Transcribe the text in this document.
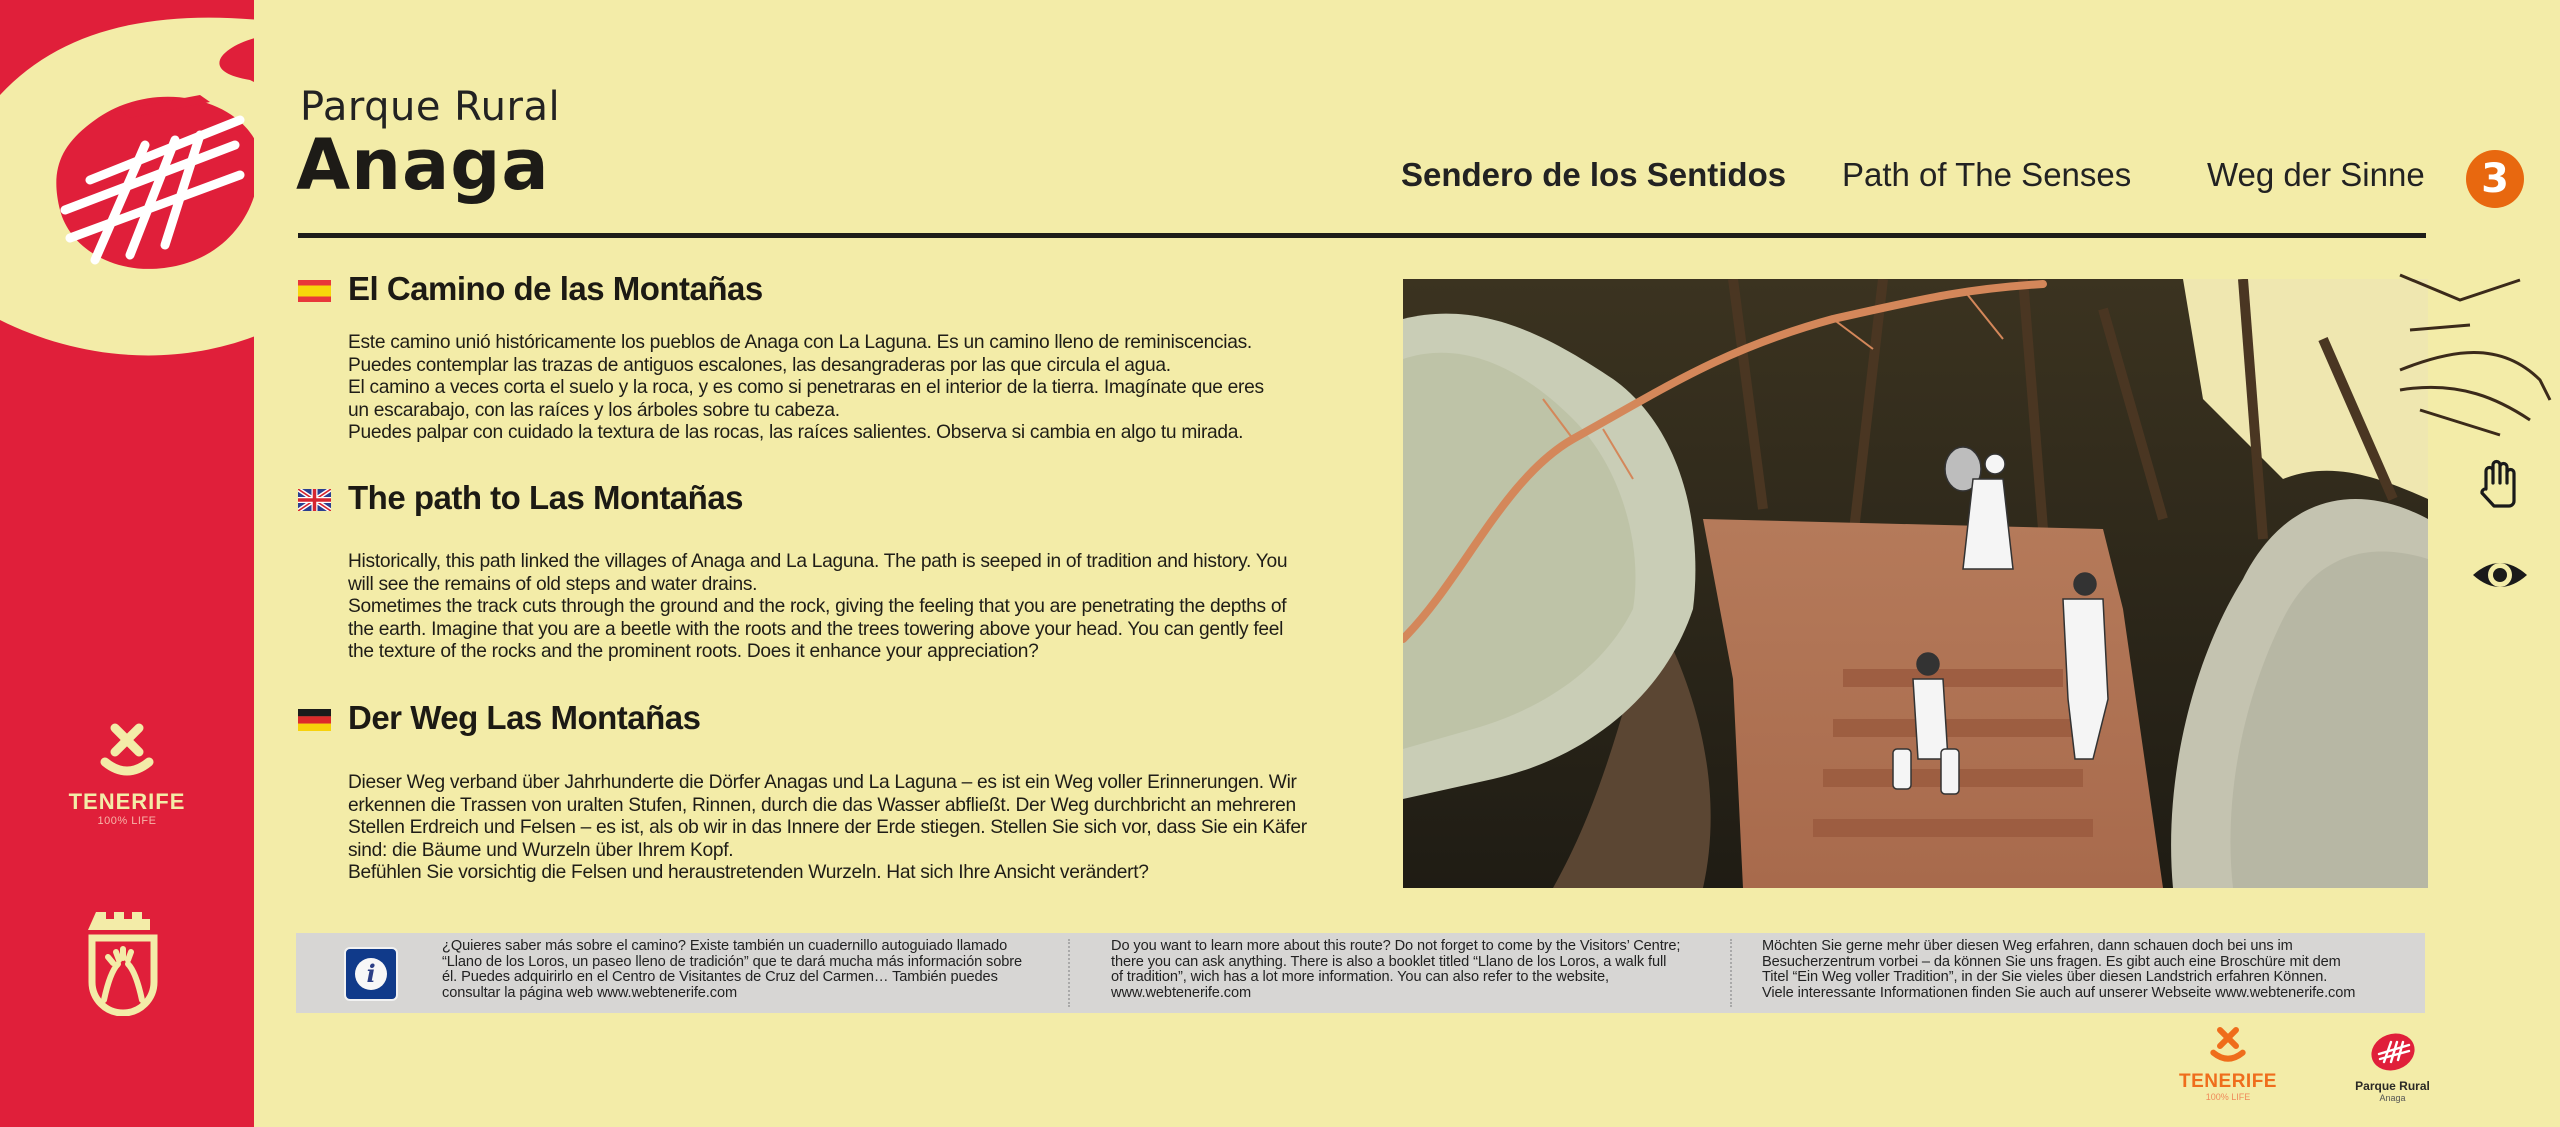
TENERIFE
100% LIFE
Parque Rural
Anaga	Sendero de los Sentidos Path of The Senses Weg der Sinne	3
El Camino de las Montañas

Este camino unió históricamente los pueblos de Anaga con La Laguna. Es un camino lleno de reminiscencias.

Puedes contemplar las trazas de antiguos escalones, las desangraderas por las que circula el agua.

El camino a veces corta el suelo y la roca, y es como si penetraras en el interior de la tierra. Imagínate que eres

un escarabajo, con las raíces y los árboles sobre tu cabeza.

Puedes palpar con cuidado la textura de las rocas, las raíces salientes. Observa si cambia en algo tu mirada.

The path to Las Montañas

Historically, this path linked the villages of Anaga and La Laguna. The path is seeped in of tradition and history. You

will see the remains of old steps and water drains.

Sometimes the track cuts through the ground and the rock, giving the feeling that you are penetrating the depths of

the earth. Imagine that you are a beetle with the roots and the trees towering above your head. You can gently feel

the texture of the rocks and the prominent roots. Does it enhance your appreciation?

Der Weg Las Montañas

Dieser Weg verband über Jahrhunderte die Dörfer Anagas und La Laguna – es ist ein Weg voller Erinnerungen. Wir

erkennen die Trassen von uralten Stufen, Rinnen, durch die das Wasser abfließt. Der Weg durchbricht an mehreren

Stellen Erdreich und Felsen – es ist, als ob wir in das Innere der Erde stiegen. Stellen Sie sich vor, dass Sie ein Käfer

sind: die Bäume und Wurzeln über Ihrem Kopf.

Befühlen Sie vorsichtig die Felsen und heraustretenden Wurzeln. Hat sich Ihre Ansicht verändert?

i

¿Quieres saber más sobre el camino? Existe también un cuadernillo autoguiado llamado

“Llano de los Loros, un paseo lleno de tradición” que te dará mucha más información sobre

él. Puedes adquirirlo en el Centro de Visitantes de Cruz del Carmen… También puedes

consultar la página web www.webtenerife.com

Do you want to learn more about this route? Do not forget to come by the Visitors’ Centre;

there you can ask anything. There is also a booklet titled “Llano de los Loros, a walk full

of tradition”, wich has a lot more information. You can also refer to the website,

www.webtenerife.com

Möchten Sie gerne mehr über diesen Weg erfahren, dann schauen doch bei uns im

Besucherzentrum vorbei – da können Sie uns fragen. Es gibt auch eine Broschüre mit dem

Titel “Ein Weg voller Tradition”, in der Sie vieles über diesen Landstrich erfahren Können.

Viele interessante Informationen finden Sie auch auf unserer Webseite www.webtenerife.com

TENERIFE
100% LIFE
Parque Rural
Anaga
